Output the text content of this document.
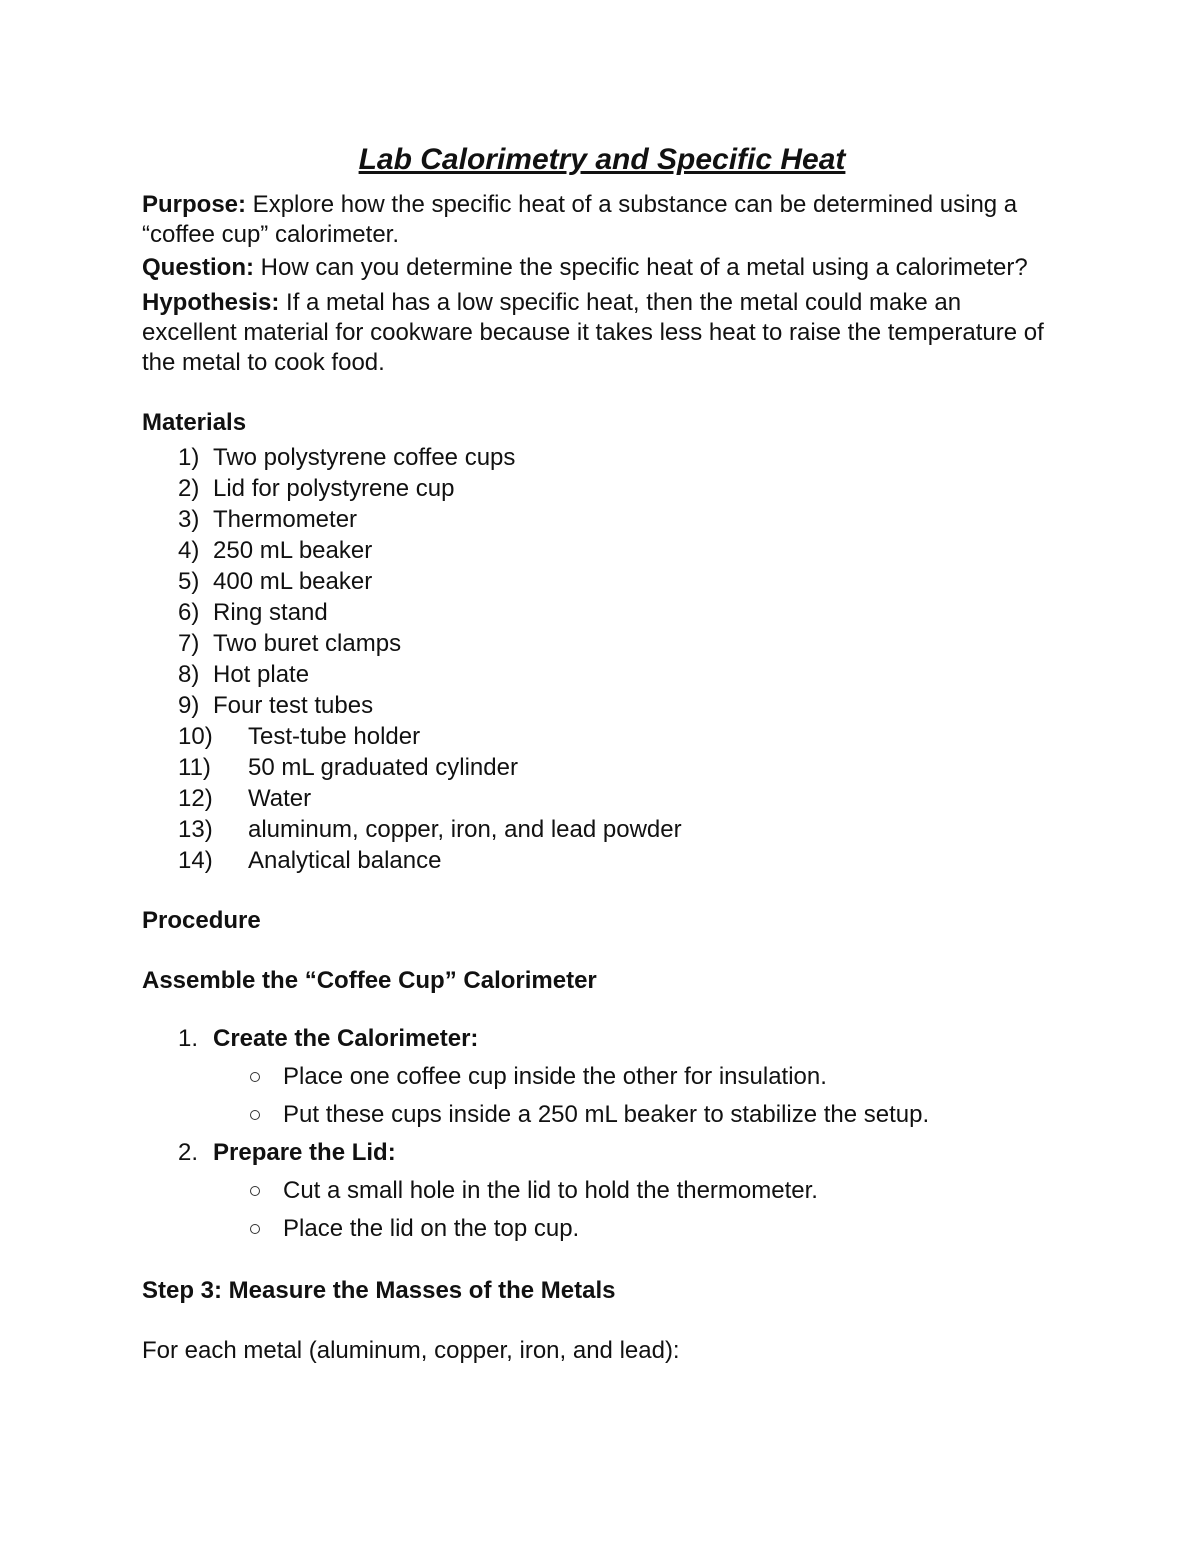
Lab Calorimetry and Specific Heat

Purpose: Explore how the specific heat of a substance can be determined using a “coffee cup” calorimeter.

Question: How can you determine the specific heat of a metal using a calorimeter?

Hypothesis: If a metal has a low specific heat, then the metal could make an excellent material for cookware because it takes less heat to raise the temperature of the metal to cook food.

Materials
1) Two polystyrene coffee cups
2) Lid for polystyrene cup
3) Thermometer
4) 250 mL beaker
5) 400 mL beaker
6) Ring stand
7) Two buret clamps
8) Hot plate
9) Four test tubes
10) Test-tube holder
11) 50 mL graduated cylinder
12) Water
13) aluminum, copper, iron, and lead powder
14) Analytical balance
Procedure
Assemble the “Coffee Cup” Calorimeter
1. Create the Calorimeter:
Place one coffee cup inside the other for insulation.
Put these cups inside a 250 mL beaker to stabilize the setup.
2. Prepare the Lid:
Cut a small hole in the lid to hold the thermometer.
Place the lid on the top cup.
Step 3: Measure the Masses of the Metals

For each metal (aluminum, copper, iron, and lead):
